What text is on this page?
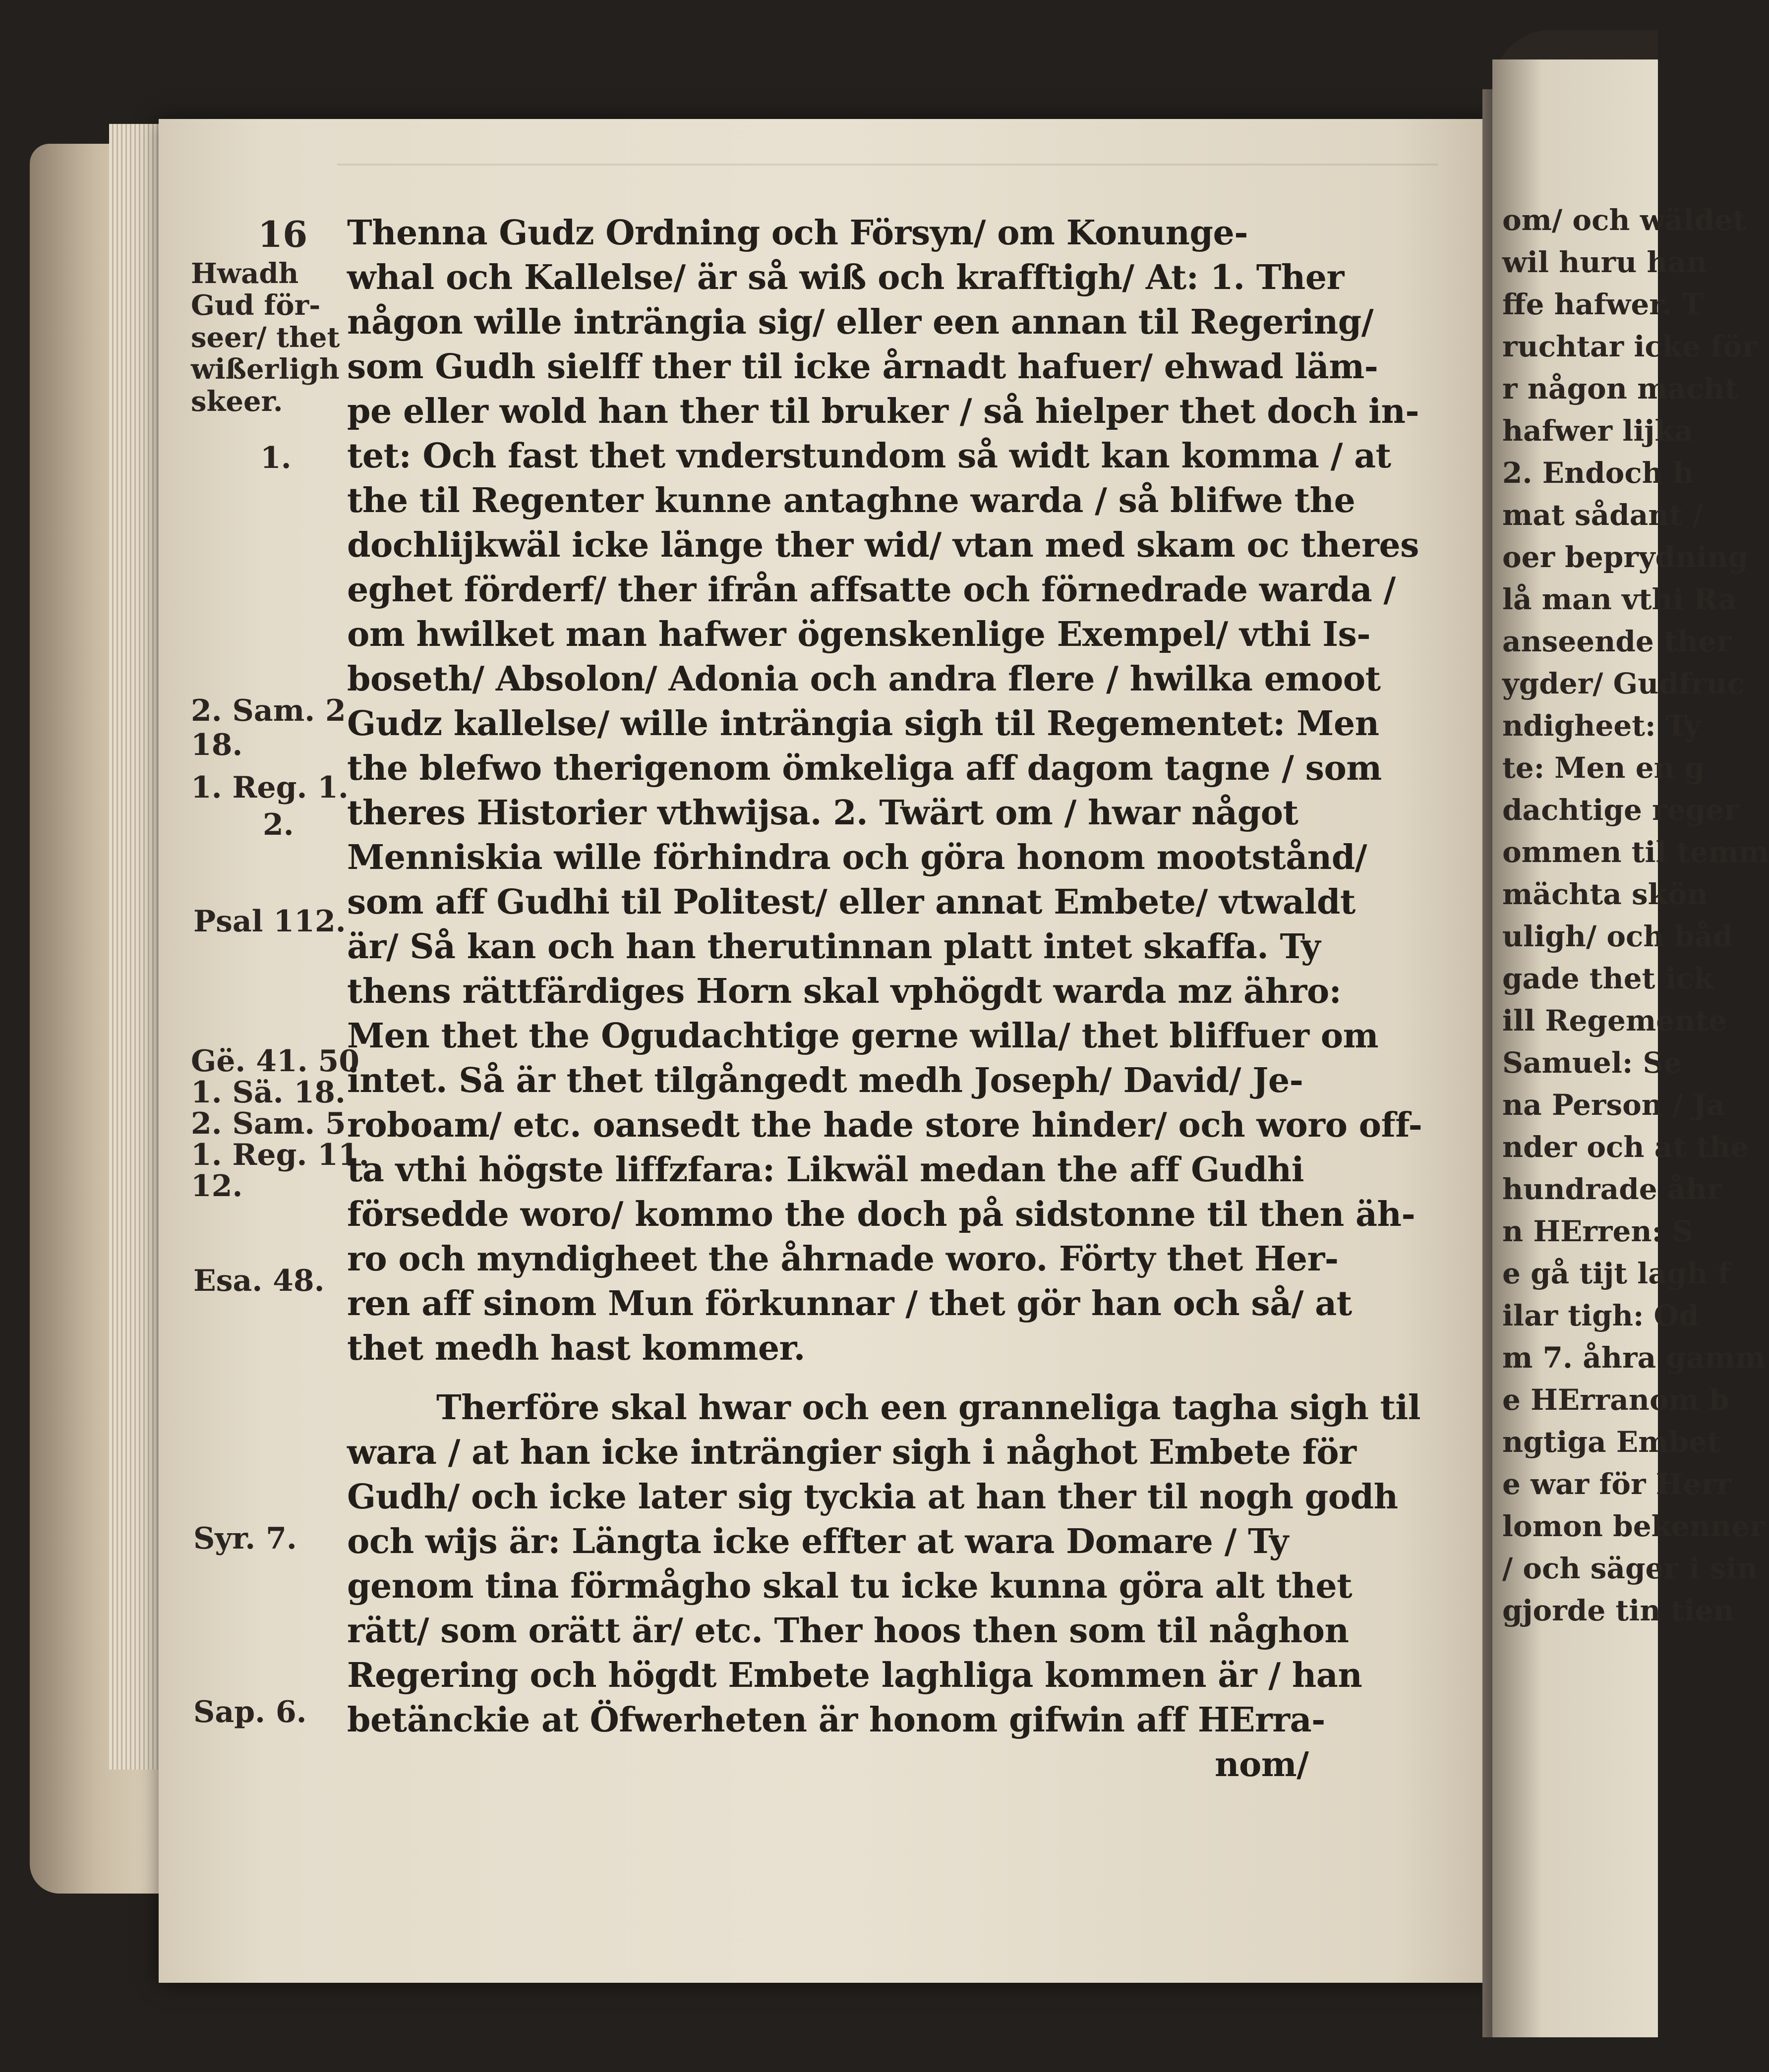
16
Hwadh
Gud för-
seer/ thet
wißerligh
skeer.
1.
2. Sam. 2
18.
1. Reg. 1.
2.
Psal 112.
Gë. 41. 50
1. Sä. 18.
2. Sam. 5
1. Reg. 11.
12.
Esa. 48.
Syr. 7.
Sap. 6.
Thenna Gudz Ordning och Försyn/ om Konunge-
whal och Kallelse/ är så wiß och krafftigh/ At: 1. Ther
någon wille inträngia sig/ eller een annan til Regering/
som Gudh sielff ther til icke årnadt hafuer/ ehwad läm-
pe eller wold han ther til bruker / så hielper thet doch in-
tet: Och fast thet vnderstundom så widt kan komma / at
the til Regenter kunne antaghne warda / så blifwe the
dochlijkwäl icke länge ther wid/ vtan med skam oc theres
eghet förderf/ ther ifrån affsatte och förnedrade warda /
om hwilket man hafwer ögenskenlige Exempel/ vthi Is-
boseth/ Absolon/ Adonia och andra flere / hwilka emoot
Gudz kallelse/ wille inträngia sigh til Regementet: Men
the blefwo therigenom ömkeliga aff dagom tagne / som
theres Historier vthwijsa. 2. Twärt om / hwar något
Menniskia wille förhindra och göra honom mootstånd/
som aff Gudhi til Politest/ eller annat Embete/ vtwaldt
är/ Så kan och han therutinnan platt intet skaffa. Ty
thens rättfärdiges Horn skal vphögdt warda mz ähro:
Men thet the Ogudachtige gerne willa/ thet bliffuer om
intet. Så är thet tilgångedt medh Joseph/ David/ Je-
roboam/ etc. oansedt the hade store hinder/ och woro off-
ta vthi högste liffzfara: Likwäl medan the aff Gudhi
försedde woro/ kommo the doch på sidstonne til then äh-
ro och myndigheet the åhrnade woro. Förty thet Her-
ren aff sinom Mun förkunnar / thet gör han och så/ at
thet medh hast kommer.
Therföre skal hwar och een granneliga tagha sigh til
wara / at han icke inträngier sigh i någhot Embete för
Gudh/ och icke later sig tyckia at han ther til nogh godh
och wijs är: Längta icke effter at wara Domare / Ty
genom tina förmågho skal tu icke kunna göra alt thet
rätt/ som orätt är/ etc. Ther hoos then som til någhon
Regering och högdt Embete laghliga kommen är / han
betänckie at Öfwerheten är honom gifwin aff HErra-
nom/
om/ och wäldet
wil huru han
ffe hafwer. T
ruchtar icke för
r någon macht
hafwer lijka
2. Endoch h
mat sådant /
oer beprydning
lå man vthi Ra
anseende ther
ygder/ Gudfruc
ndigheet: Ty
te: Men en g
dachtige reger
ommen til temm
mächta skön
uligh/ och båd
gade thet ick
ill Regemente
Samuel: Se
na Person / Ja
nder och at the
hundrade åhr
n HErren: S
e gå tijt lagh f
ilar tigh: Od
m 7. åhra gamm
e HErranom b
ngtiga Embet
e war för Herr
lomon bekenner
/ och säger i sin
gjorde tin tien
